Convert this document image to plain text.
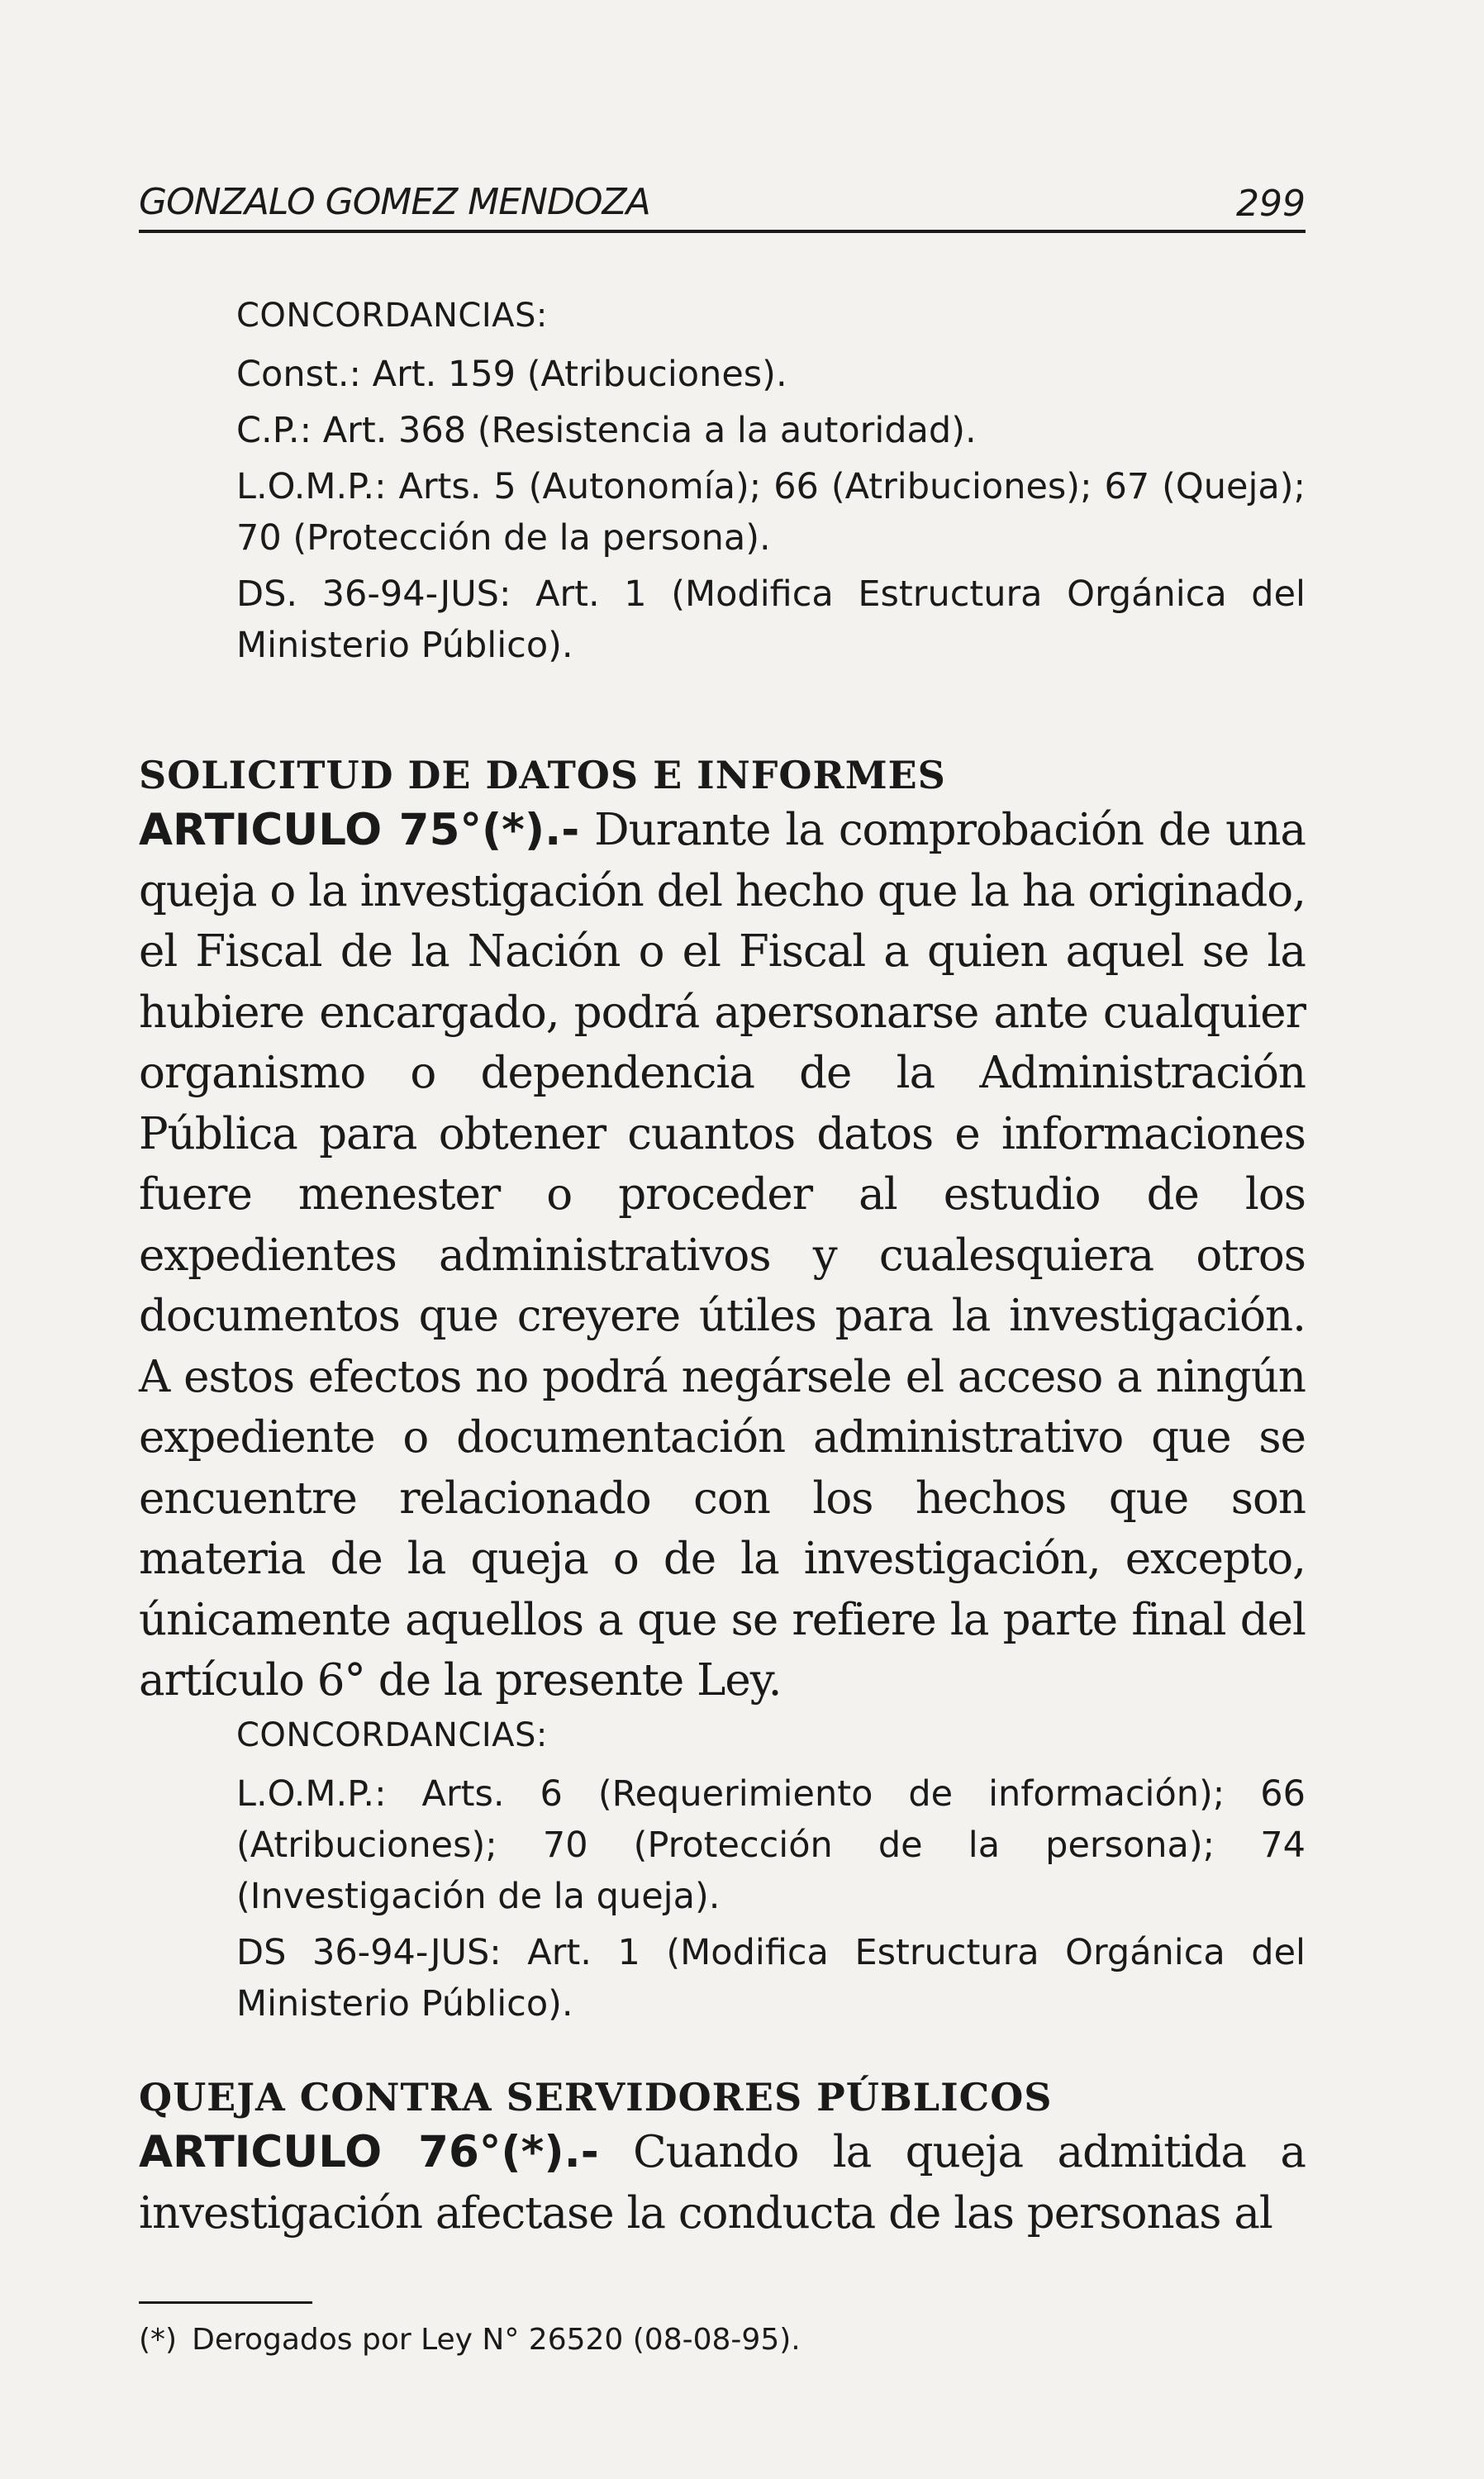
GONZALO GOMEZ MENDOZA	299
CONCORDANCIAS:
Const.: Art. 159 (Atribuciones).
C.P.: Art. 368 (Resistencia a la autoridad).
L.O.M.P.: Arts. 5 (Autonomía); 66 (Atribuciones); 67 (Queja); 70 (Protección de la persona).
DS. 36-94-JUS: Art. 1 (Modifica Estructura Orgánica del Ministerio Público).
SOLICITUD DE DATOS E INFORMES
ARTICULO 75°(*).- Durante la comprobación de una queja o la investigación del hecho que la ha originado, el Fiscal de la Nación o el Fiscal a quien aquel se la hubiere encargado, podrá apersonarse ante cualquier organismo o dependencia de la Administración Pública para obtener cuantos datos e informaciones fuere menester o proceder al estudio de los expedientes administrativos y cualesquiera otros documentos que creyere útiles para la investigación. A estos efectos no podrá negársele el acceso a ningún expediente o documentación administrativo que se encuentre relacionado con los hechos que son materia de la queja o de la investigación, excepto, únicamente aquellos a que se refiere la parte final del artículo 6° de la presente Ley.
CONCORDANCIAS:
L.O.M.P.: Arts. 6 (Requerimiento de información); 66 (Atribuciones); 70 (Protección de la persona); 74 (Investigación de la queja).
DS 36-94-JUS: Art. 1 (Modifica Estructura Orgánica del Ministerio Público).
QUEJA CONTRA SERVIDORES PÚBLICOS
ARTICULO 76°(*).- Cuando la queja admitida a investigación afectase la conducta de las personas al
(*) Derogados por Ley N° 26520 (08-08-95).
